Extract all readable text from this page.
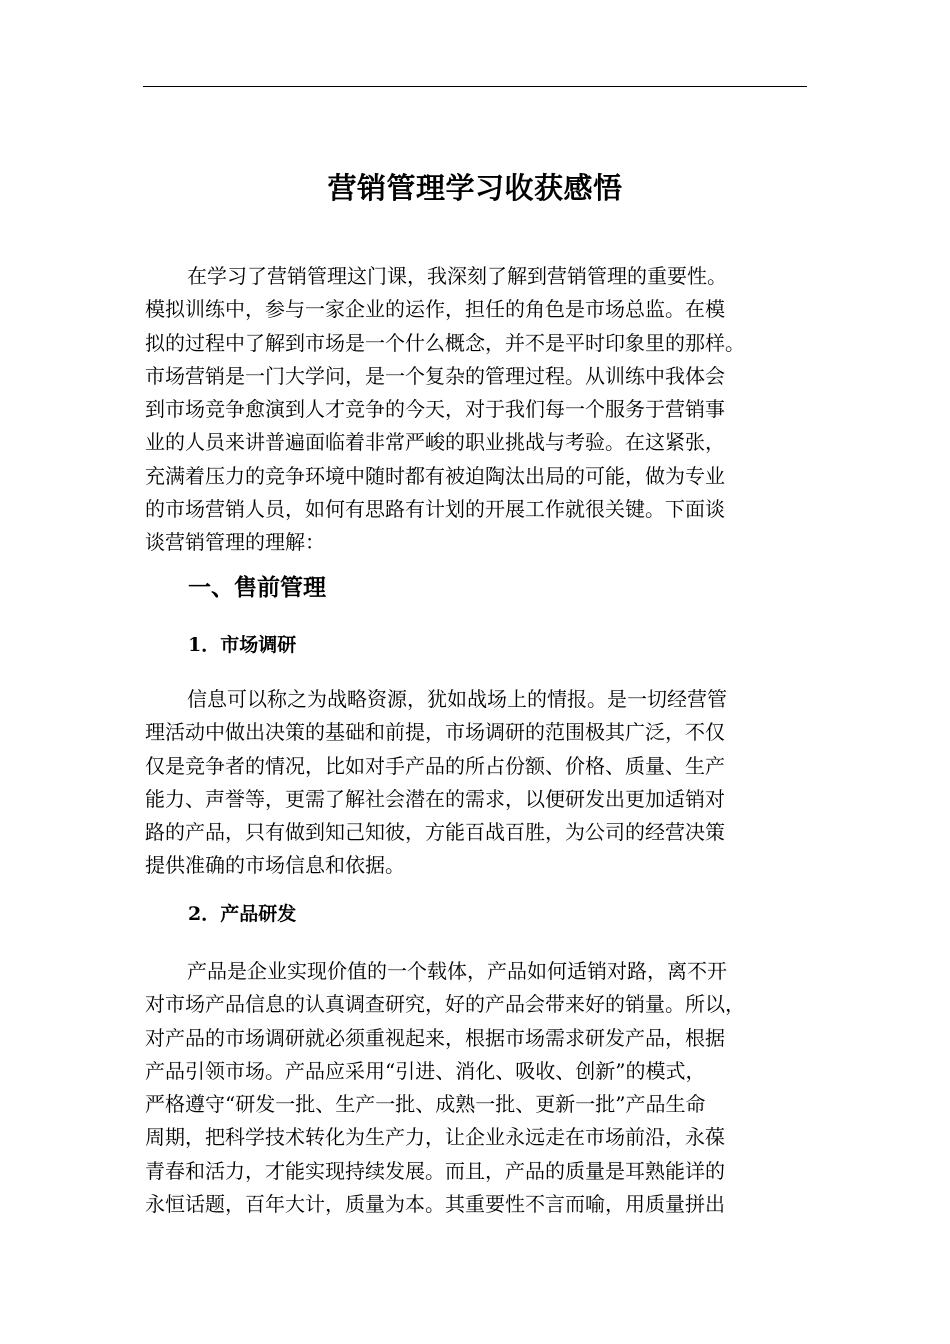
营销管理学习收获感悟
在学习了营销管理这门课，我深刻了解到营销管理的重要性。
模拟训练中，参与一家企业的运作，担任的角色是市场总监。在模
拟的过程中了解到市场是一个什么概念，并不是平时印象里的那样。
市场营销是一门大学问，是一个复杂的管理过程。从训练中我体会
到市场竞争愈演到人才竞争的今天，对于我们每一个服务于营销事
业的人员来讲普遍面临着非常严峻的职业挑战与考验。在这紧张，
充满着压力的竞争环境中随时都有被迫陶汰出局的可能，做为专业
的市场营销人员，如何有思路有计划的开展工作就很关键。下面谈
谈营销管理的理解：
一、售前管理
1．市场调研
信息可以称之为战略资源，犹如战场上的情报。是一切经营管
理活动中做出决策的基础和前提，市场调研的范围极其广泛，不仅
仅是竞争者的情况，比如对手产品的所占份额、价格、质量、生产
能力、声誉等，更需了解社会潜在的需求，以便研发出更加适销对
路的产品，只有做到知己知彼，方能百战百胜，为公司的经营决策
提供准确的市场信息和依据。
2．产品研发
产品是企业实现价值的一个载体，产品如何适销对路，离不开
对市场产品信息的认真调查研究，好的产品会带来好的销量。所以，
对产品的市场调研就必须重视起来，根据市场需求研发产品，根据
产品引领市场。产品应采用“引进、消化、吸收、创新”的模式，
严格遵守“研发一批、生产一批、成熟一批、更新一批”产品生命
周期，把科学技术转化为生产力，让企业永远走在市场前沿，永葆
青春和活力，才能实现持续发展。而且，产品的质量是耳熟能详的
永恒话题，百年大计，质量为本。其重要性不言而喻，用质量拼出
